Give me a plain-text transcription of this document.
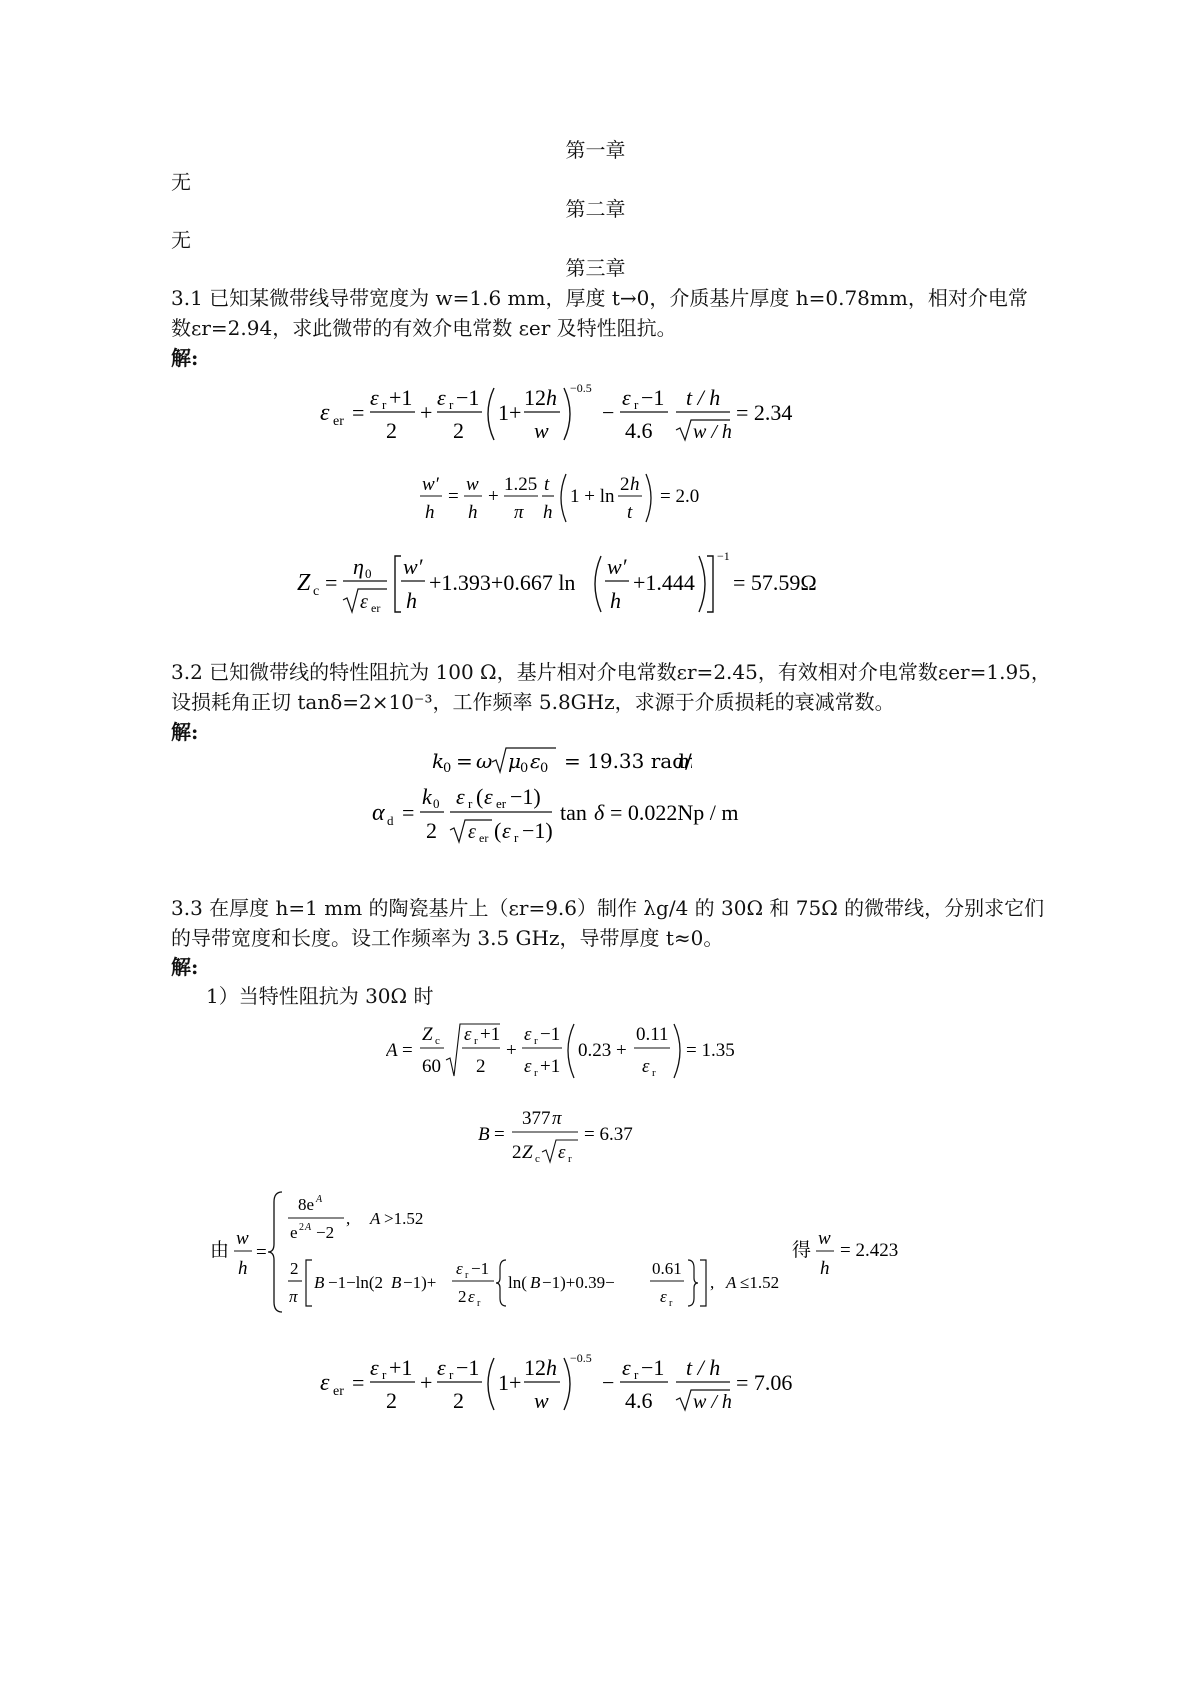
第一章
无
第二章
无
第三章
3.1 已知某微带线导带宽度为 w=1.6 mm，厚度 t→0，介质基片厚度 h=0.78mm，相对介电常
数εr=2.94，求此微带的有效介电常数 εer 及特性阻抗。
解:
ε er =
ε r +1
2
+
ε r −1
2
1+
12 h
w
−0.5
−
ε r −1
4.6
t / h
w / h
= 2.34
w′
h
=
w
h
+
1.25
π
t
h
1 + ln
2 h
t
= 2.0
Z c =
η 0
ε er
w′
h
+1.393+0.667 ln
w′
h
+1.444
−1
= 57.59Ω
3.2 已知微带线的特性阻抗为 100 Ω，基片相对介电常数εr=2.45，有效相对介电常数εer=1.95，
设损耗角正切 tanδ=2×10⁻³，工作频率 5.8GHz，求源于介质损耗的衰减常数。
解:
k
0 = ω μ 0 ε 0 = 19.33 rad/
α d =
k 0
2
ε r ( ε er −1)
ε er ( ε r −1)
tan δ = 0.022Np / m
3.3 在厚度 h=1 mm 的陶瓷基片上（εr=9.6）制作 λg/4 的 30Ω 和 75Ω 的微带线，分别求它们
的导带宽度和长度。设工作频率为 3.5 GHz，导带厚度 t≈0。
解:
1）当特性阻抗为 30Ω 时
A =
Z c
60
ε r +1
2
+
ε r −1
ε r +1
0.23 +
0.11
ε r
= 1.35
B =
377 π
2 Z c ε r
= 6.37
由
w
h
=
8e A
e 2 A −2
, A >1.52
2
π
B −1−ln(2 B −1)+
ε r −1
2 ε r
ln( B −1)+0.39−
0.61
ε r
, A ≤1.52
得
w
h
= 2.423
ε er =
ε r +1
2
+
ε r −1
2
1+
12 h
w
−0.5
−
ε r −1
4.6
t / h
w / h
= 7.06
